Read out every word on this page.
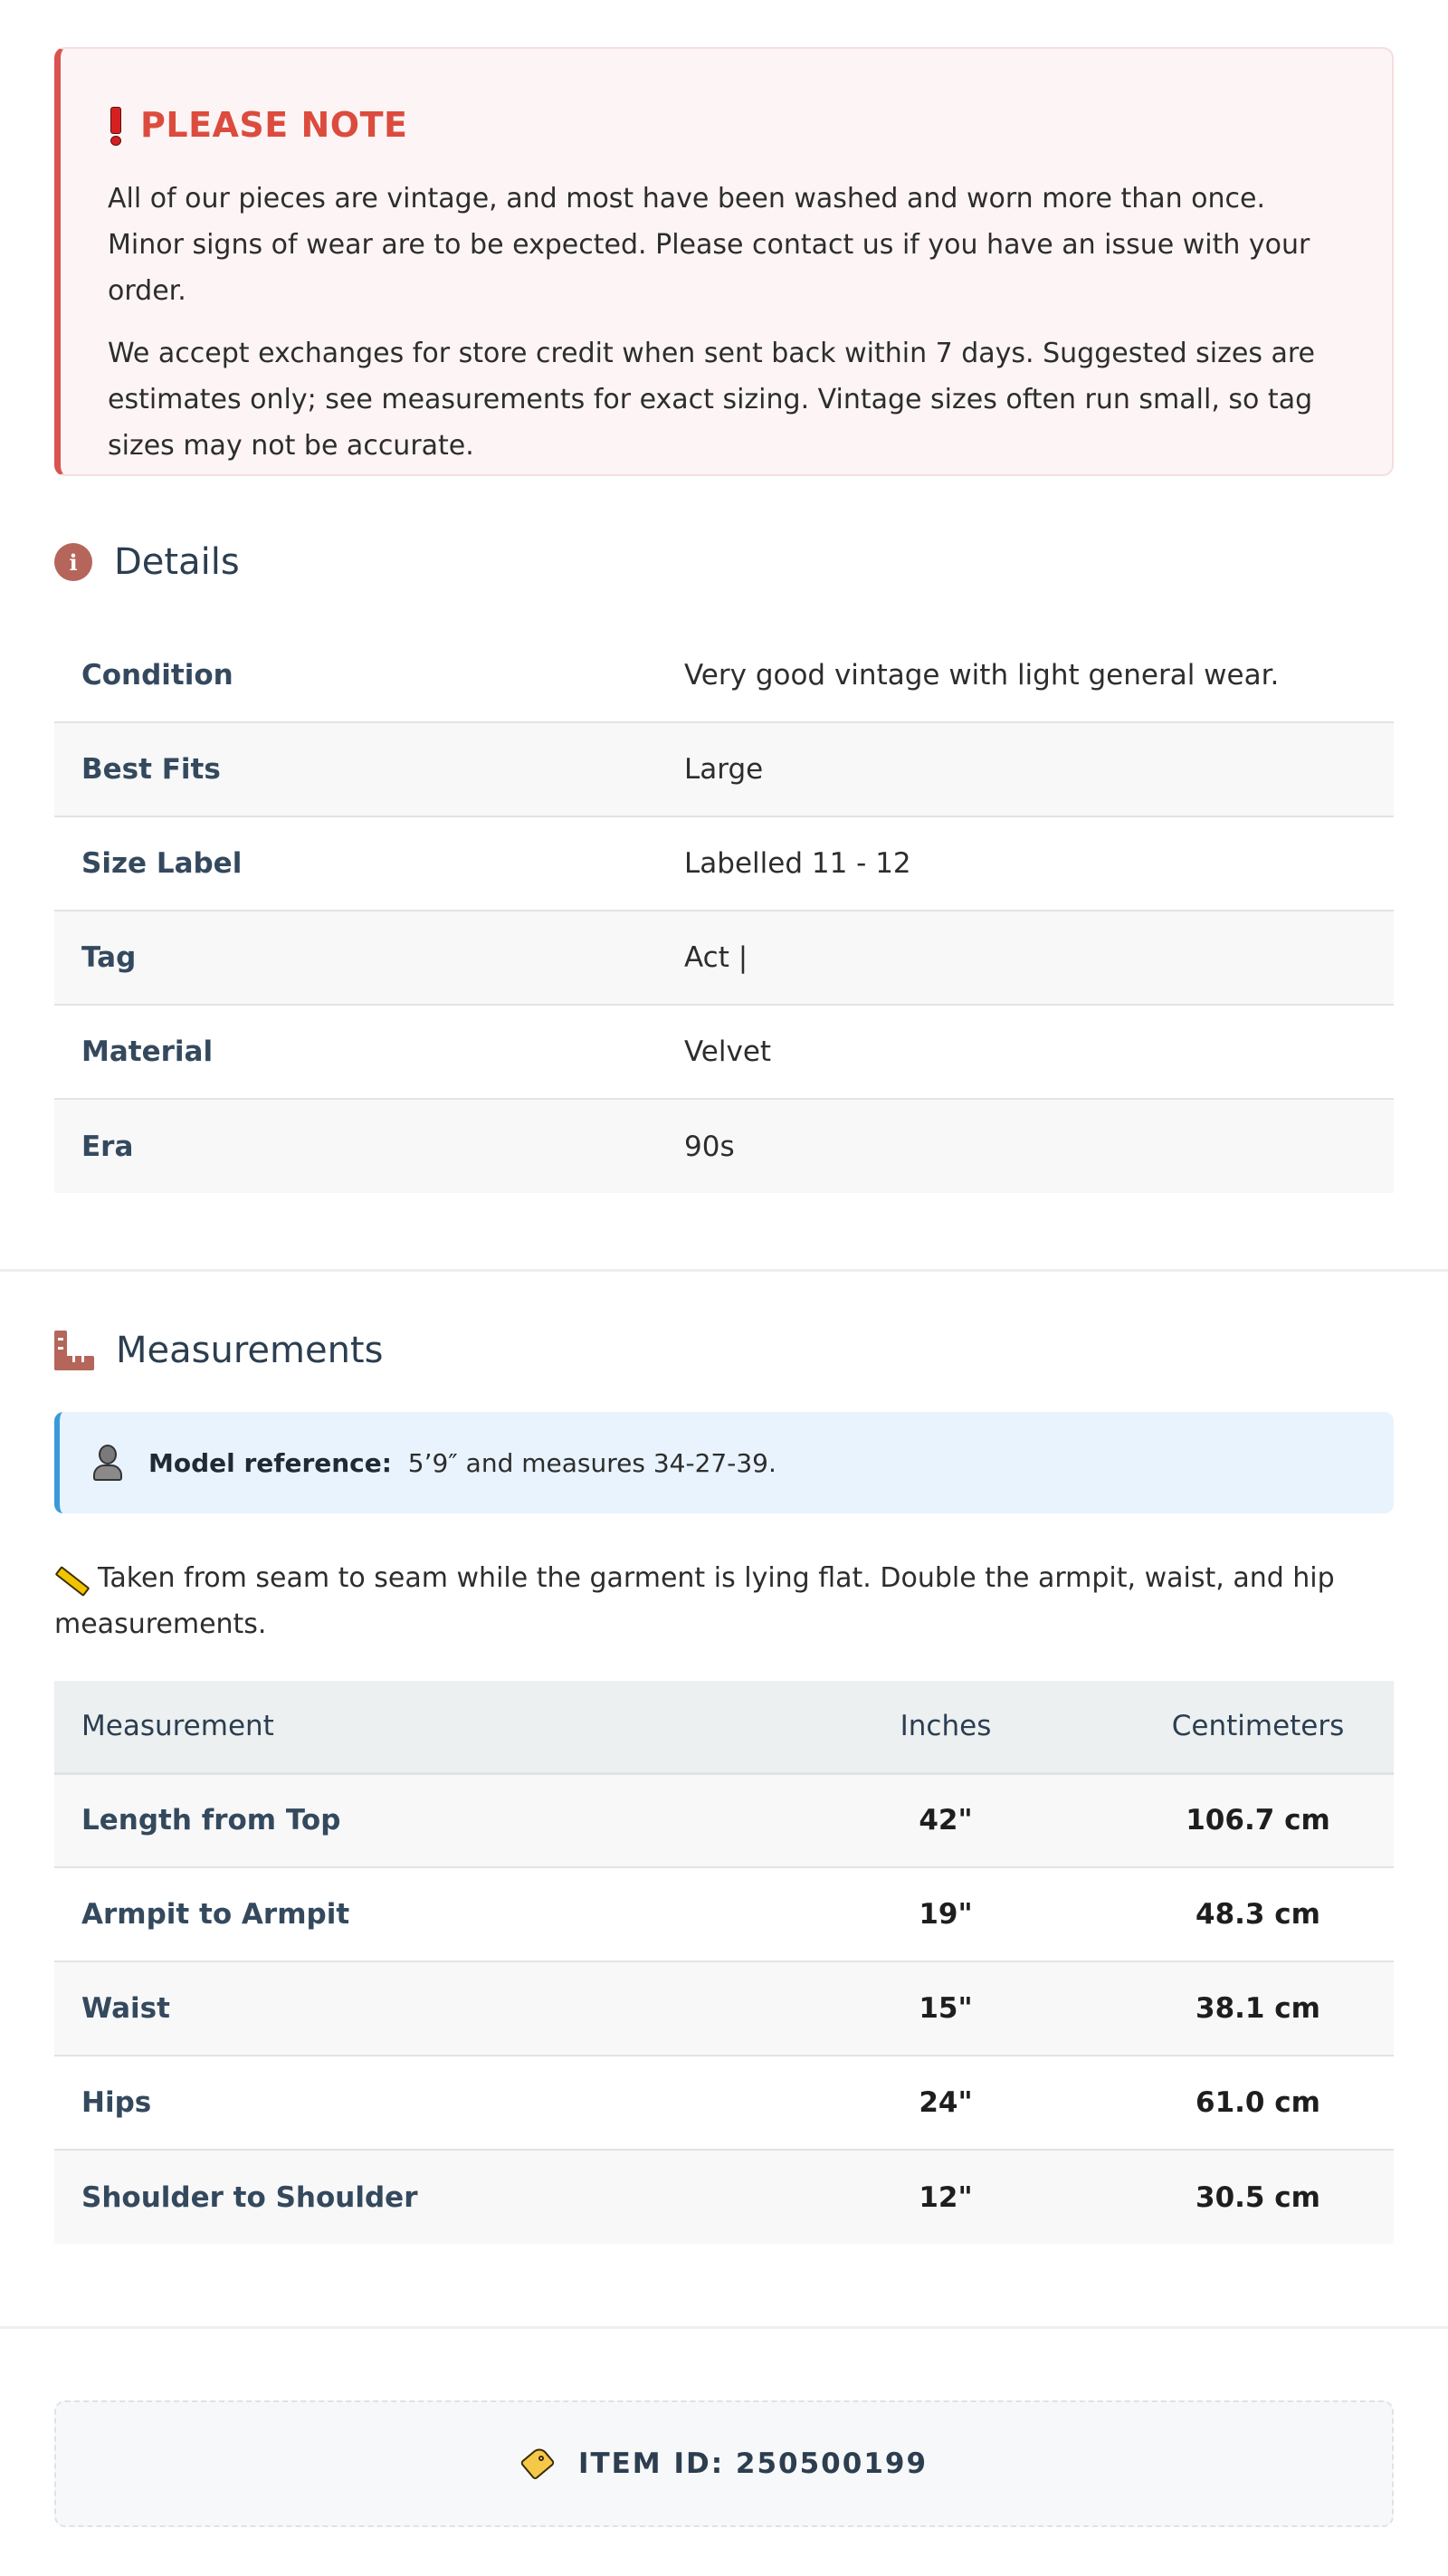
PLEASE NOTE

All of our pieces are vintage, and most have been washed and worn more than once. Minor signs of wear are to be expected. Please contact us if you have an issue with your order.

We accept exchanges for store credit when sent back within 7 days. Suggested sizes are estimates only; see measurements for exact sizing. Vintage sizes often run small, so tag sizes may not be accurate.

i	Details
Condition	Very good vintage with light general wear.
Best Fits	Large
Size Label	Labelled 11 - 12
Tag	Act |
Material	Velvet
Era	90s
Measurements
Model reference: 5’9″ and measures 34-27-39.
Taken from seam to seam while the garment is lying flat. Double the armpit, waist, and hip measurements.
Measurement	Inches	Centimeters
Length from Top	42"	106.7 cm
Armpit to Armpit	19"	48.3 cm
Waist	15"	38.1 cm
Hips	24"	61.0 cm
Shoulder to Shoulder	12"	30.5 cm
ITEM ID: 250500199
